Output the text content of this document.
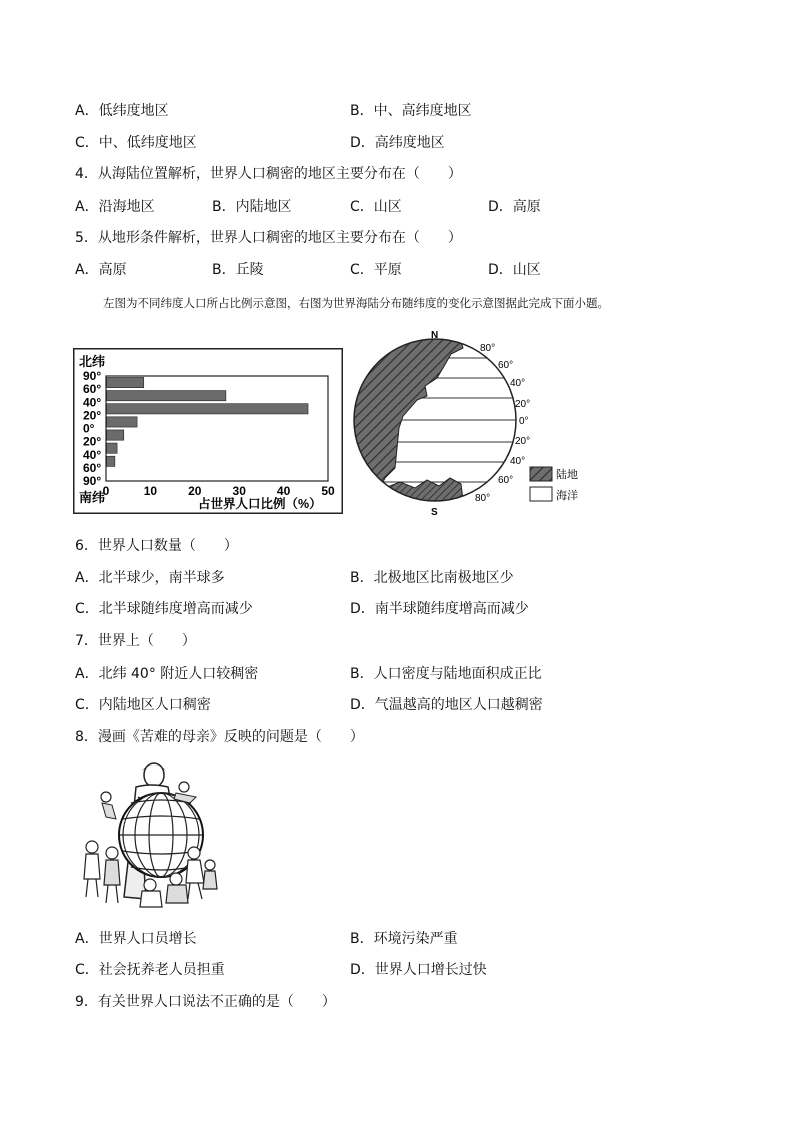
A．低纬度地区	B．中、高纬度地区
C．中、低纬度地区	D．高纬度地区
4．从海陆位置解析，世界人口稠密的地区主要分布在（　　）
A．沿海地区	B．内陆地区	C．山区	D．高原
5．从地形条件解析，世界人口稠密的地区主要分布在（　　）
A．高原	B．丘陵	C．平原	D．山区
左图为不同纬度人口所占比例示意图，右图为世界海陆分布随纬度的变化示意图据此完成下面小题。
北纬
南纬
90°
60°
40°
20°
0°
20°
40°
60°
90°
0	10	20	30	40	50
占世界人口比例（%）
N
S
80°
60°
40°
20°
0°
20°
40°
60°
80°
陆地
海洋
6．世界人口数量（　　）
A．北半球少，南半球多	B．北极地区比南极地区少
C．北半球随纬度增高而减少	D．南半球随纬度增高而减少
7．世界上（　　）
A．北纬 40° 附近人口较稠密	B．人口密度与陆地面积成正比
C．内陆地区人口稠密	D．气温越高的地区人口越稠密
8．漫画《苦难的母亲》反映的问题是（　　）
A．世界人口员增长	B．环境污染严重
C．社会抚养老人员担重	D．世界人口增长过快
9．有关世界人口说法不正确的是（　　）
